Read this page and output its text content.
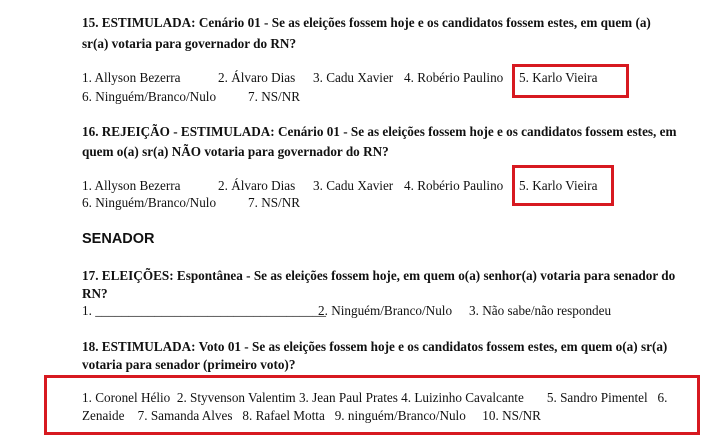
15. ESTIMULADA: Cenário 01 - Se as eleições fossem hoje e os candidatos fossem estes, em quem (a)
sr(a) votaria para governador do RN?
1. Allyson Bezerra	2. Álvaro Dias 3. Cadu Xavier 4. Robério Paulino 5. Karlo Vieira
6. Ninguém/Branco/Nulo 7. NS/NR
16. REJEIÇÃO - ESTIMULADA: Cenário 01 - Se as eleições fossem hoje e os candidatos fossem estes, em
quem o(a) sr(a) NÃO votaria para governador do RN?
1. Allyson Bezerra	2. Álvaro Dias 3. Cadu Xavier 4. Robério Paulino 5. Karlo Vieira
6. Ninguém/Branco/Nulo 7. NS/NR
SENADOR
17. ELEIÇÕES: Espontânea - Se as eleições fossem hoje, em quem o(a) senhor(a) votaria para senador do
RN?
1. ___________________________________
2. Ninguém/Branco/Nulo 3. Não sabe/não respondeu
18. ESTIMULADA: Voto 01 - Se as eleições fossem hoje e os candidatos fossem estes, em quem o(a) sr(a)
votaria para senador (primeiro voto)?
1. Coronel Hélio  2. Styvenson Valentim 3. Jean Paul Prates 4. Luizinho Cavalcante       5. Sandro Pimentel   6.
Zenaide    7. Samanda Alves   8. Rafael Motta   9. ninguém/Branco/Nulo     10. NS/NR
